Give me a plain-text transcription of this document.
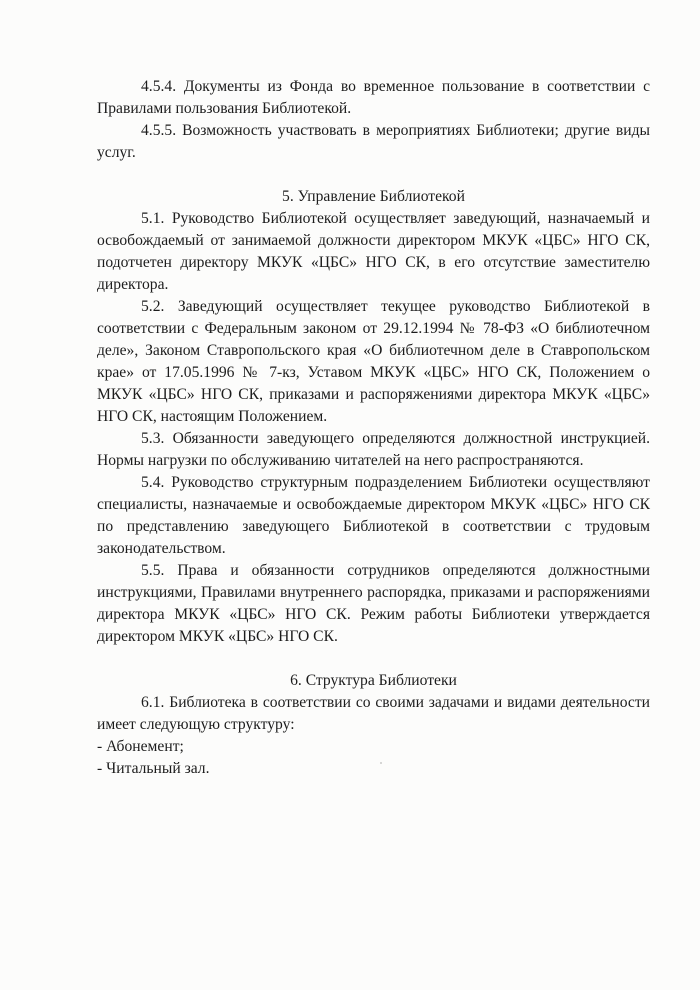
4.5.4. Документы из Фонда во временное пользование в соответствии с Правилами пользования Библиотекой.

4.5.5. Возможность участвовать в мероприятиях Библиотеки; другие виды услуг.

5. Управление Библиотекой

5.1. Руководство Библиотекой осуществляет заведующий, назначаемый и освобождаемый от занимаемой должности директором МКУК «ЦБС» НГО СК, подотчетен директору МКУК «ЦБС» НГО СК, в его отсутствие заместителю директора.

5.2. Заведующий осуществляет текущее руководство Библиотекой в соответствии с Федеральным законом от 29.12.1994 № 78-ФЗ «О библиотечном деле», Законом Ставропольского края «О библиотечном деле в Ставропольском крае» от 17.05.1996 № 7-кз, Уставом МКУК «ЦБС» НГО СК, Положением о МКУК «ЦБС» НГО СК, приказами и распоряжениями директора МКУК «ЦБС» НГО СК, настоящим Положением.

5.3. Обязанности заведующего определяются должностной инструкцией. Нормы нагрузки по обслуживанию читателей на него распространяются.

5.4. Руководство структурным подразделением Библиотеки осуществляют специалисты, назначаемые и освобождаемые директором МКУК «ЦБС» НГО СК по представлению заведующего Библиотекой в соответствии с трудовым законодательством.

5.5. Права и обязанности сотрудников определяются должностными инструкциями, Правилами внутреннего распорядка, приказами и распоряжениями директора МКУК «ЦБС» НГО СК. Режим работы Библиотеки утверждается директором МКУК «ЦБС» НГО СК.

6. Структура Библиотеки

6.1. Библиотека в соответствии со своими задачами и видами деятельности имеет следующую структуру:

- Абонемент;

- Читальный зал.
